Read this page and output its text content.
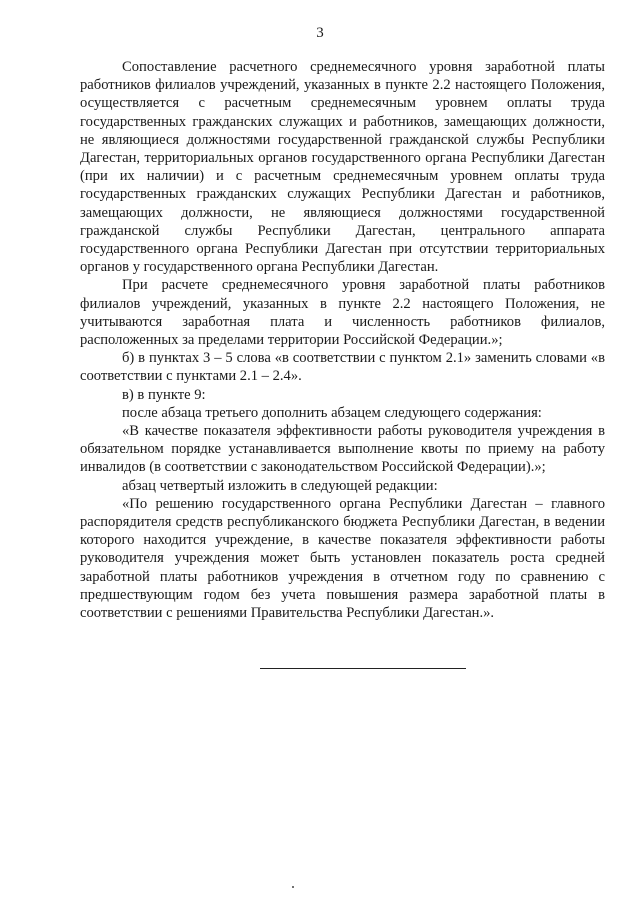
3

Сопоставление расчетного среднемесячного уровня заработной платы работников филиалов учреждений, указанных в пункте 2.2 настоящего Положения, осуществляется с расчетным среднемесячным уровнем оплаты труда государственных гражданских служащих и работников, замещающих должности, не являющиеся должностями государственной гражданской службы Республики Дагестан, территориальных органов государственного органа Республики Дагестан (при их наличии) и с расчетным среднемесячным уровнем оплаты труда государственных гражданских служащих Республики Дагестан и работников, замещающих должности, не являющиеся должностями государственной гражданской службы Республики Дагестан, центрального аппарата государственного органа Республики Дагестан при отсутствии территориальных органов у государственного органа Республики Дагестан.

При расчете среднемесячного уровня заработной платы работников филиалов учреждений, указанных в пункте 2.2 настоящего Положения, не учитываются заработная плата и численность работников филиалов, расположенных за пределами территории Российской Федерации.»;

б) в пунктах 3 – 5 слова «в соответствии с пунктом 2.1» заменить словами «в соответствии с пунктами 2.1 – 2.4».

в) в пункте 9:

после абзаца третьего дополнить абзацем следующего содержания:

«В качестве показателя эффективности работы руководителя учреждения в обязательном порядке устанавливается выполнение квоты по приему на работу инвалидов (в соответствии с законодательством Российской Федерации).»;

абзац четвертый изложить в следующей редакции:

«По решению государственного органа Республики Дагестан – главного распорядителя средств республиканского бюджета Республики Дагестан, в ведении которого находится учреждение, в качестве показателя эффективности работы руководителя учреждения может быть установлен показатель роста средней заработной платы работников учреждения в отчетном году по сравнению с предшествующим годом без учета повышения размера заработной платы в соответствии с решениями Правительства Республики Дагестан.».
